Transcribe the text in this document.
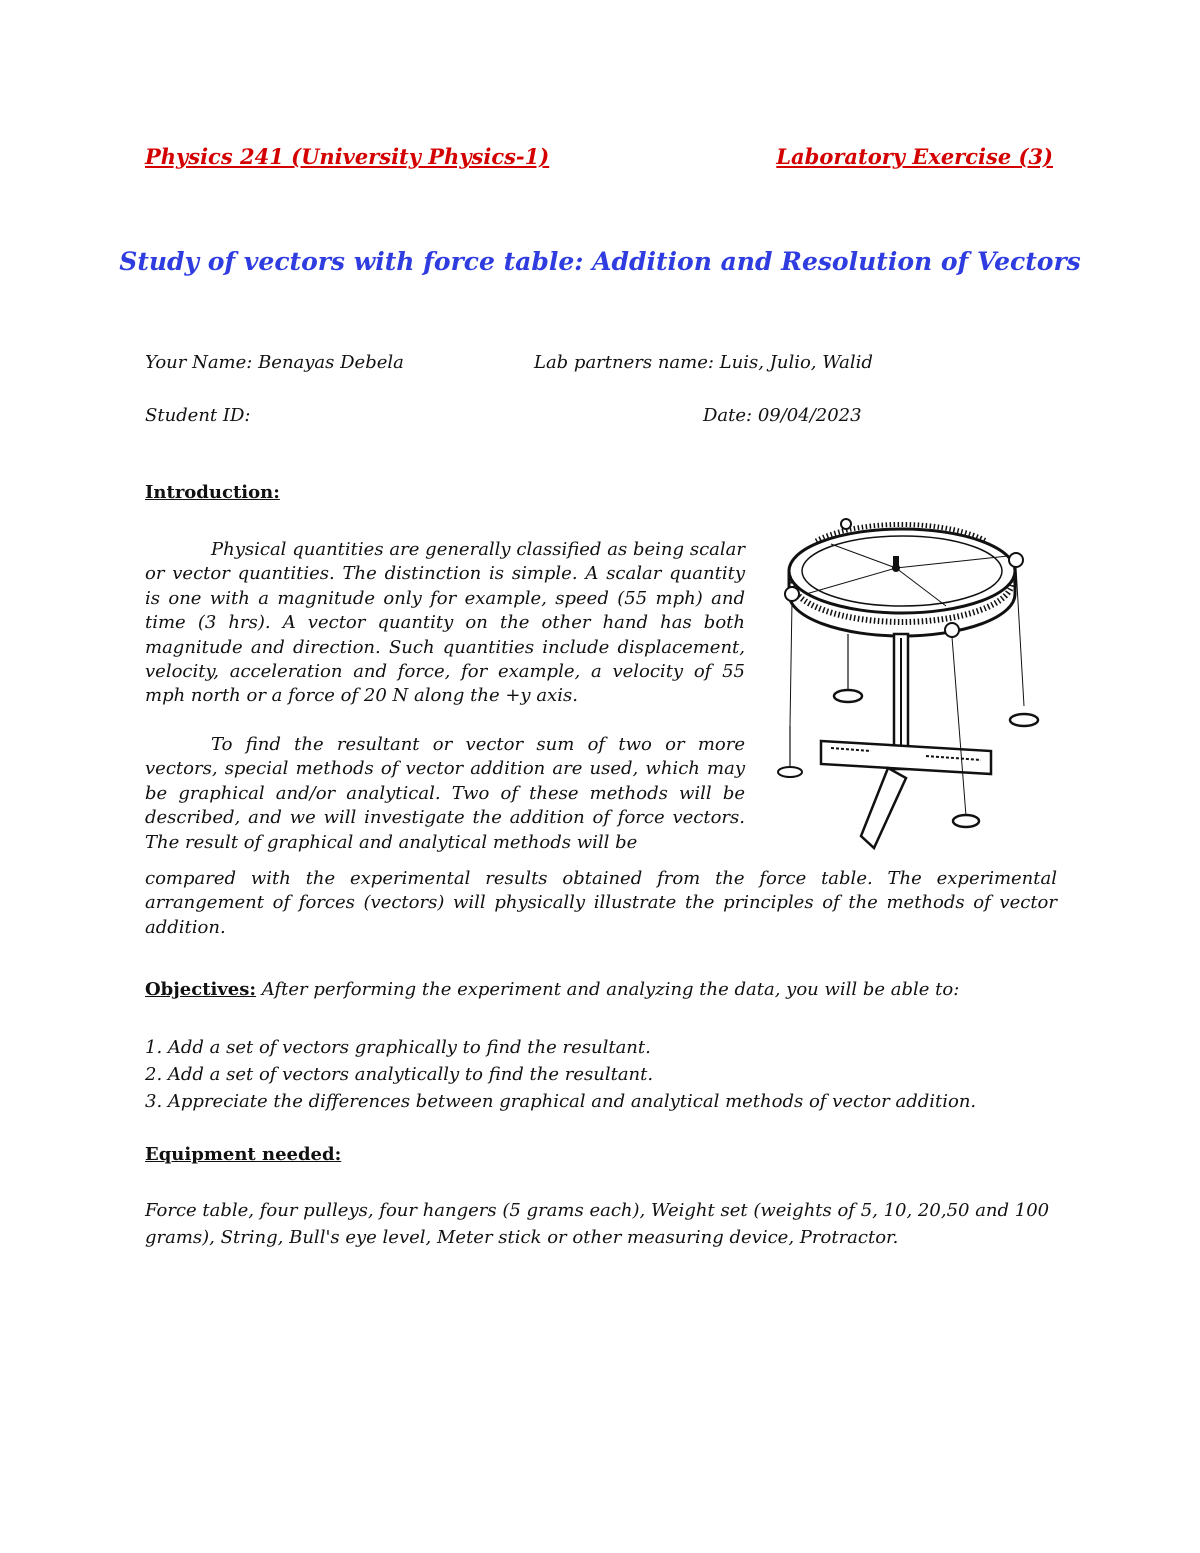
Physics 241 (University Physics-1)	Laboratory Exercise (3)
Study of vectors with force table: Addition and Resolution of Vectors
Your Name: Benayas Debela	Lab partners name: Luis, Julio, Walid
Student ID:	Date: 09/04/2023
Introduction:
Physical quantities are generally classified as being scalar or vector quantities. The distinction is simple. A scalar quantity is one with a magnitude only for example, speed (55 mph) and time (3 hrs). A vector quantity on the other hand has both magnitude and direction. Such quantities include displacement, velocity, acceleration and force, for example, a velocity of 55 mph north or a force of 20 N along the +y axis.
To find the resultant or vector sum of two or more vectors, special methods of vector addition are used, which may be graphical and/or analytical. Two of these methods will be described, and we will investigate the addition of force vectors. The result of graphical and analytical methods will be
compared with the experimental results obtained from the force table. The experimental arrangement of forces (vectors) will physically illustrate the principles of the methods of vector addition.
Objectives: After performing the experiment and analyzing the data, you will be able to:
1. Add a set of vectors graphically to find the resultant.
2. Add a set of vectors analytically to find the resultant.
3. Appreciate the differences between graphical and analytical methods of vector addition.
Equipment needed:
Force table, four pulleys, four hangers (5 grams each), Weight set (weights of 5, 10, 20,50 and 100 grams), String, Bull's eye level, Meter stick or other measuring device, Protractor.
